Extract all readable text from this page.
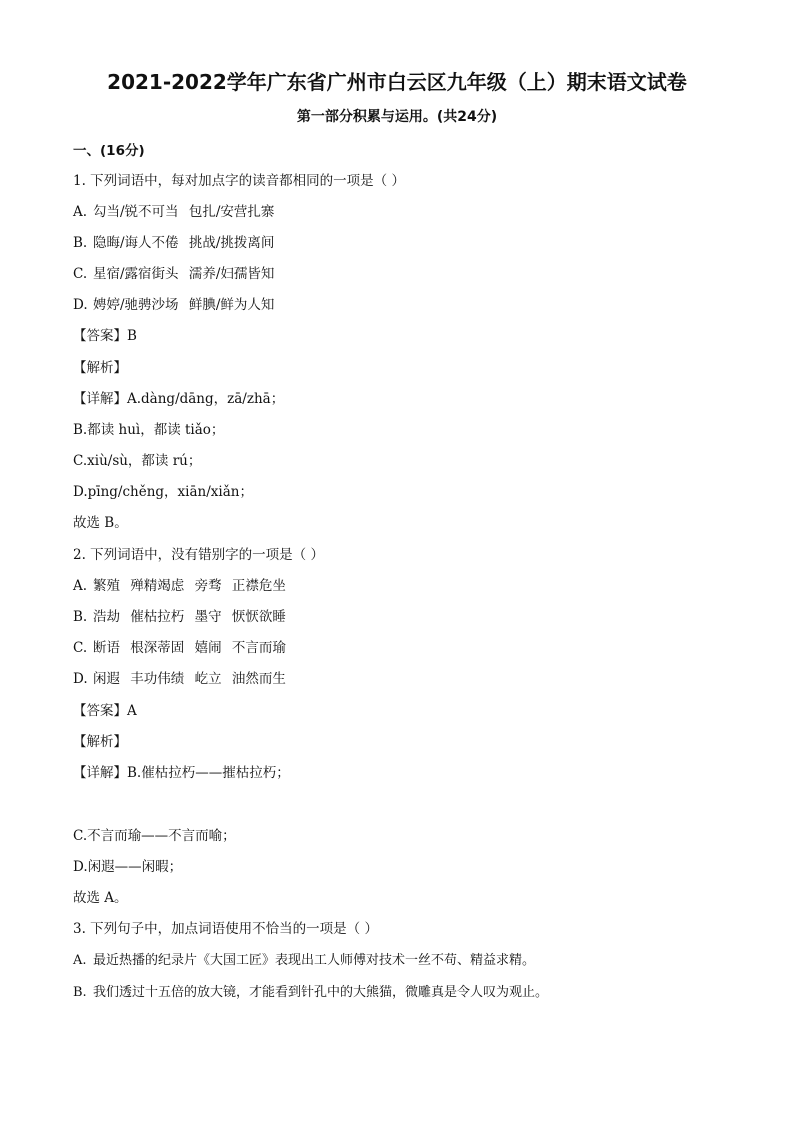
2021-2022学年广东省广州市白云区九年级（上）期末语文试卷
第一部分积累与运用。(共24分)
一、(16分)
1. 下列词语中，每对加点字的读音都相同的一项是（ ）
A. 勾当/锐不可当 包扎/安营扎寨
B. 隐晦/诲人不倦 挑战/挑拨离间
C. 星宿/露宿街头 濡养/妇孺皆知
D. 娉婷/驰骋沙场 鲜腆/鲜为人知
【答案】B
【解析】
【详解】A.dàng/dāng，zā/zhā；
B.都读 huì，都读 tiǎo；
C.xiù/sù，都读 rú；
D.pīng/chěng，xiān/xiǎn；
故选 B。
2. 下列词语中，没有错别字的一项是（ ）
A. 繁殖 殚精竭虑 旁骛 正襟危坐
B. 浩劫 催枯拉朽 墨守 恹恹欲睡
C. 断语 根深蒂固 嬉闹 不言而瑜
D. 闲遐 丰功伟绩 屹立 油然而生
【答案】A
【解析】
【详解】B.催枯拉朽——摧枯拉朽；
C.不言而瑜——不言而喻；
D.闲遐——闲暇；
故选 A。
3. 下列句子中，加点词语使用不恰当的一项是（ ）
A. 最近热播的纪录片《大国工匠》表现出工人师傅对技术一丝不苟、精益求精。
B. 我们透过十五倍的放大镜，才能看到针孔中的大熊猫，微雕真是令人叹为观止。
